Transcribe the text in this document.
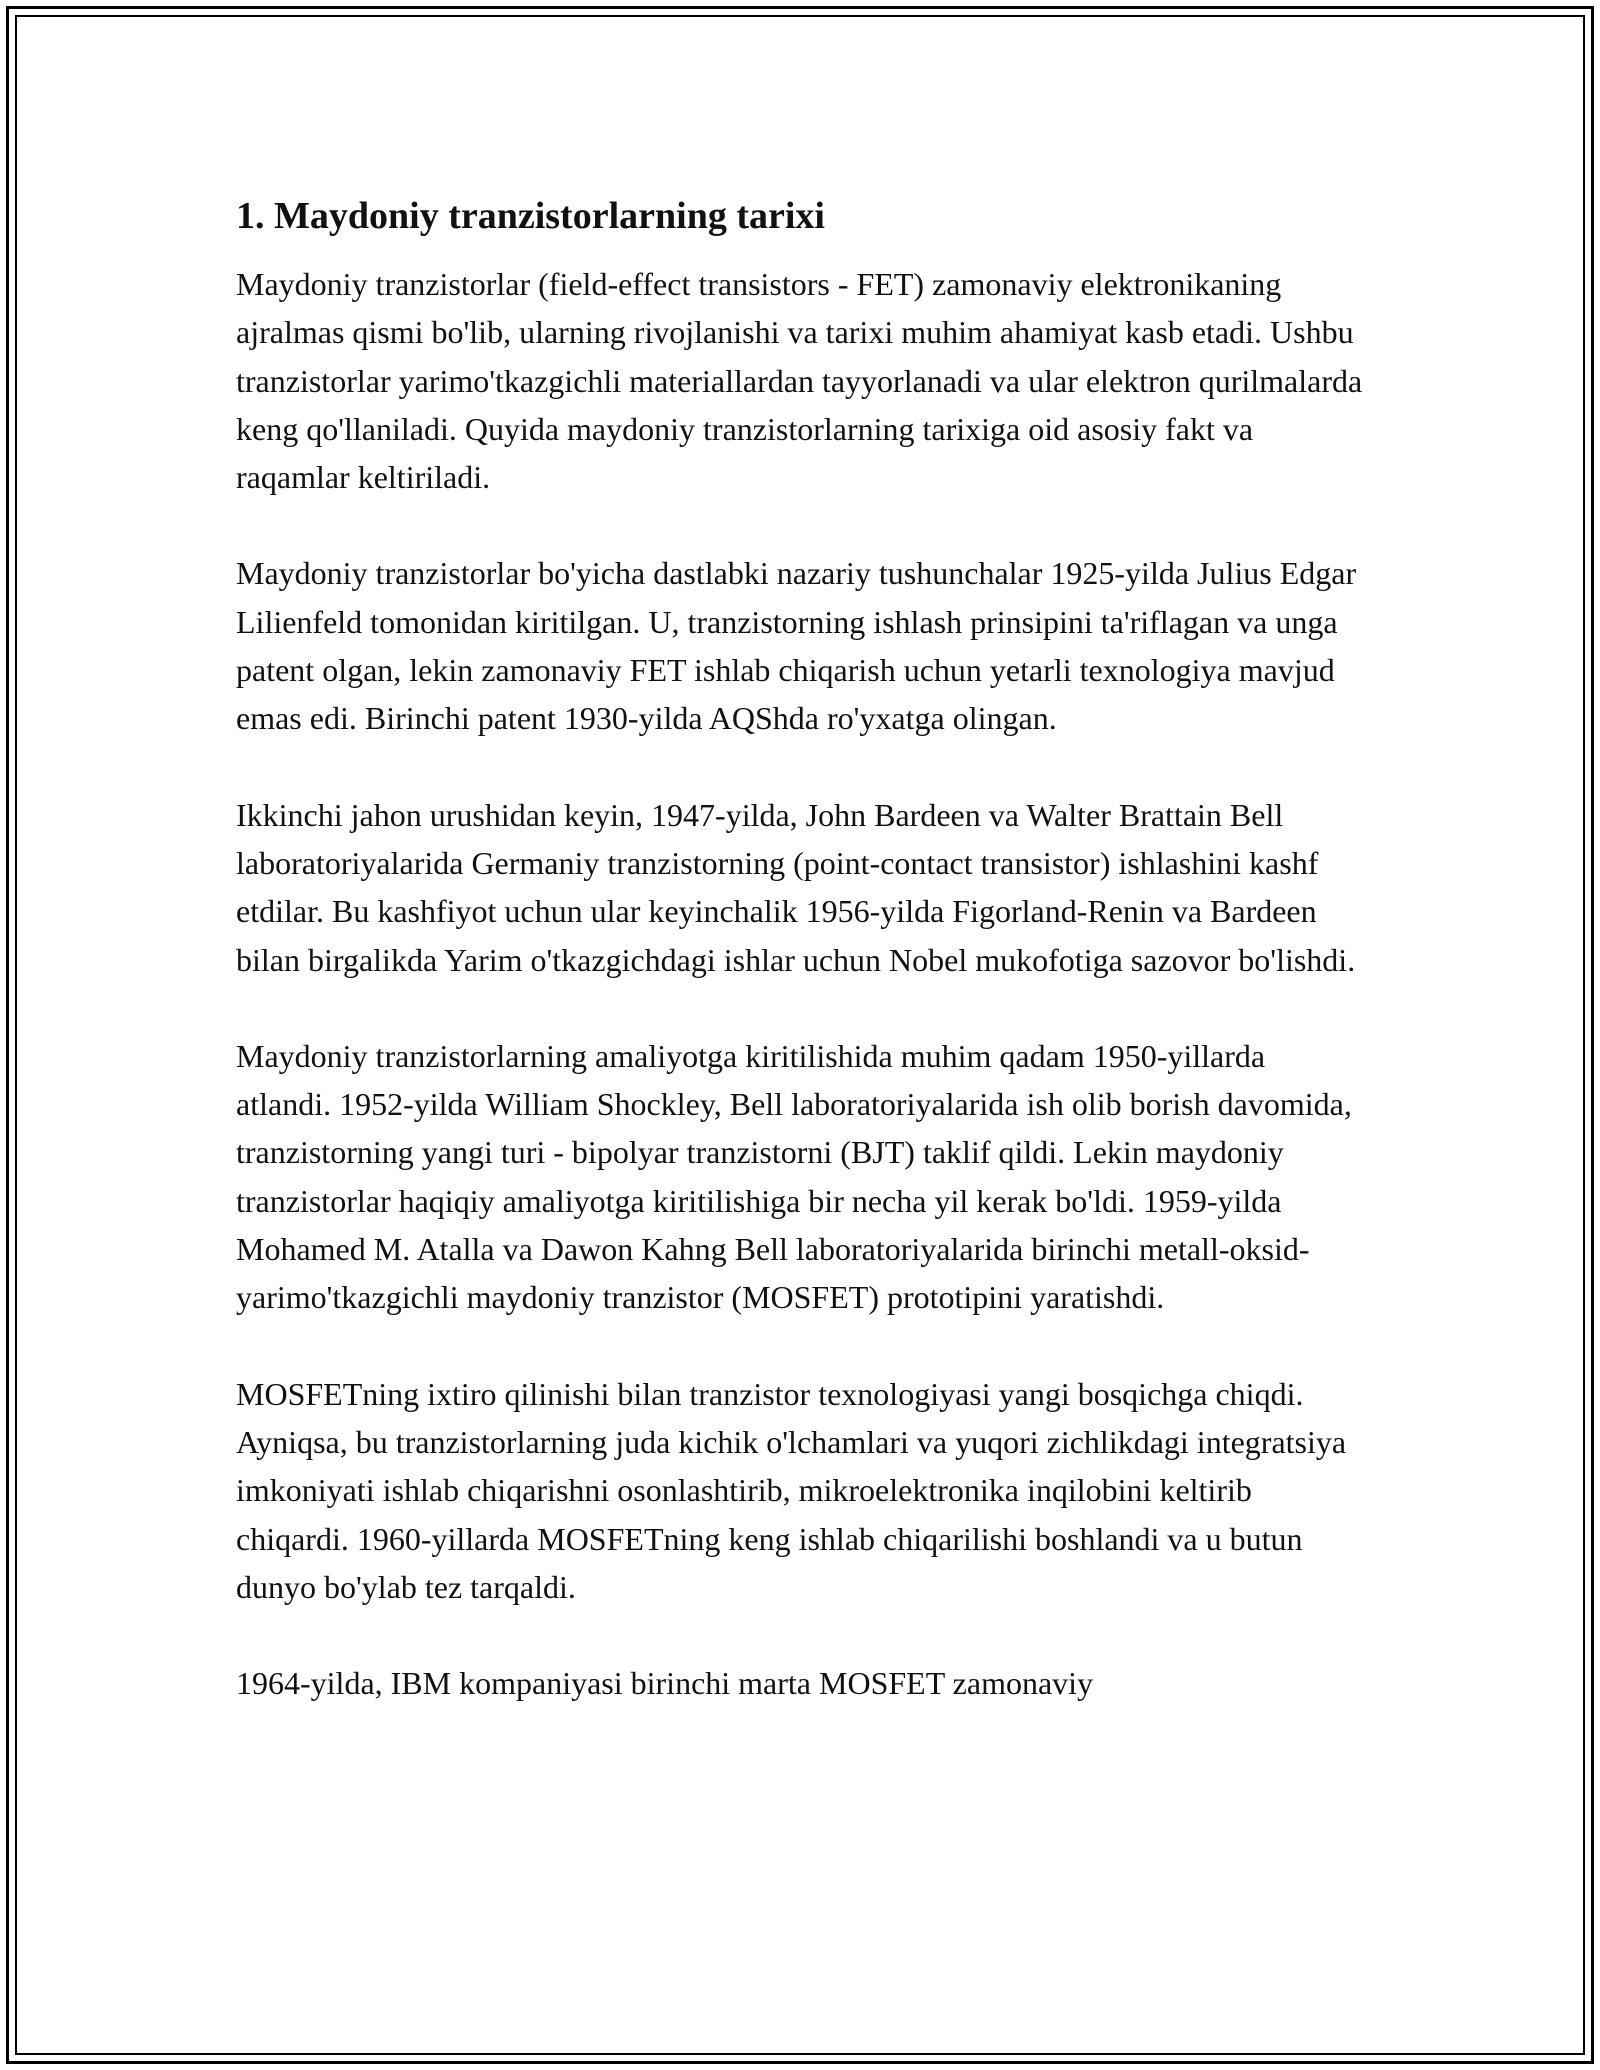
1. Maydoniy tranzistorlarning tarixi

Maydoniy tranzistorlar (field-effect transistors - FET) zamonaviy elektronikaning ajralmas qismi bo'lib, ularning rivojlanishi va tarixi muhim ahamiyat kasb etadi. Ushbu tranzistorlar yarimo'tkazgichli materiallardan tayyorlanadi va ular elektron qurilmalarda keng qo'llaniladi. Quyida maydoniy tranzistorlarning tarixiga oid asosiy fakt va raqamlar keltiriladi.

Maydoniy tranzistorlar bo'yicha dastlabki nazariy tushunchalar 1925-yilda Julius Edgar Lilienfeld tomonidan kiritilgan. U, tranzistorning ishlash prinsipini ta'riflagan va unga patent olgan, lekin zamonaviy FET ishlab chiqarish uchun yetarli texnologiya mavjud emas edi. Birinchi patent 1930-yilda AQShda ro'yxatga olingan.

Ikkinchi jahon urushidan keyin, 1947-yilda, John Bardeen va Walter Brattain Bell laboratoriyalarida Germaniy tranzistorning (point-contact transistor) ishlashini kashf etdilar. Bu kashfiyot uchun ular keyinchalik 1956-yilda Figorland-Renin va Bardeen bilan birgalikda Yarim o'tkazgichdagi ishlar uchun Nobel mukofotiga sazovor bo'lishdi.

Maydoniy tranzistorlarning amaliyotga kiritilishida muhim qadam 1950-yillarda atlandi. 1952-yilda William Shockley, Bell laboratoriyalarida ish olib borish davomida, tranzistorning yangi turi - bipolyar tranzistorni (BJT) taklif qildi. Lekin maydoniy tranzistorlar haqiqiy amaliyotga kiritilishiga bir necha yil kerak bo'ldi. 1959-yilda Mohamed M. Atalla va Dawon Kahng Bell laboratoriyalarida birinchi metall-oksid-yarimo'tkazgichli maydoniy tranzistor (MOSFET) prototipini yaratishdi.

MOSFETning ixtiro qilinishi bilan tranzistor texnologiyasi yangi bosqichga chiqdi. Ayniqsa, bu tranzistorlarning juda kichik o'lchamlari va yuqori zichlikdagi integratsiya imkoniyati ishlab chiqarishni osonlashtirib, mikroelektronika inqilobini keltirib chiqardi. 1960-yillarda MOSFETning keng ishlab chiqarilishi boshlandi va u butun dunyo bo'ylab tez tarqaldi.

1964-yilda, IBM kompaniyasi birinchi marta MOSFET zamonaviy
